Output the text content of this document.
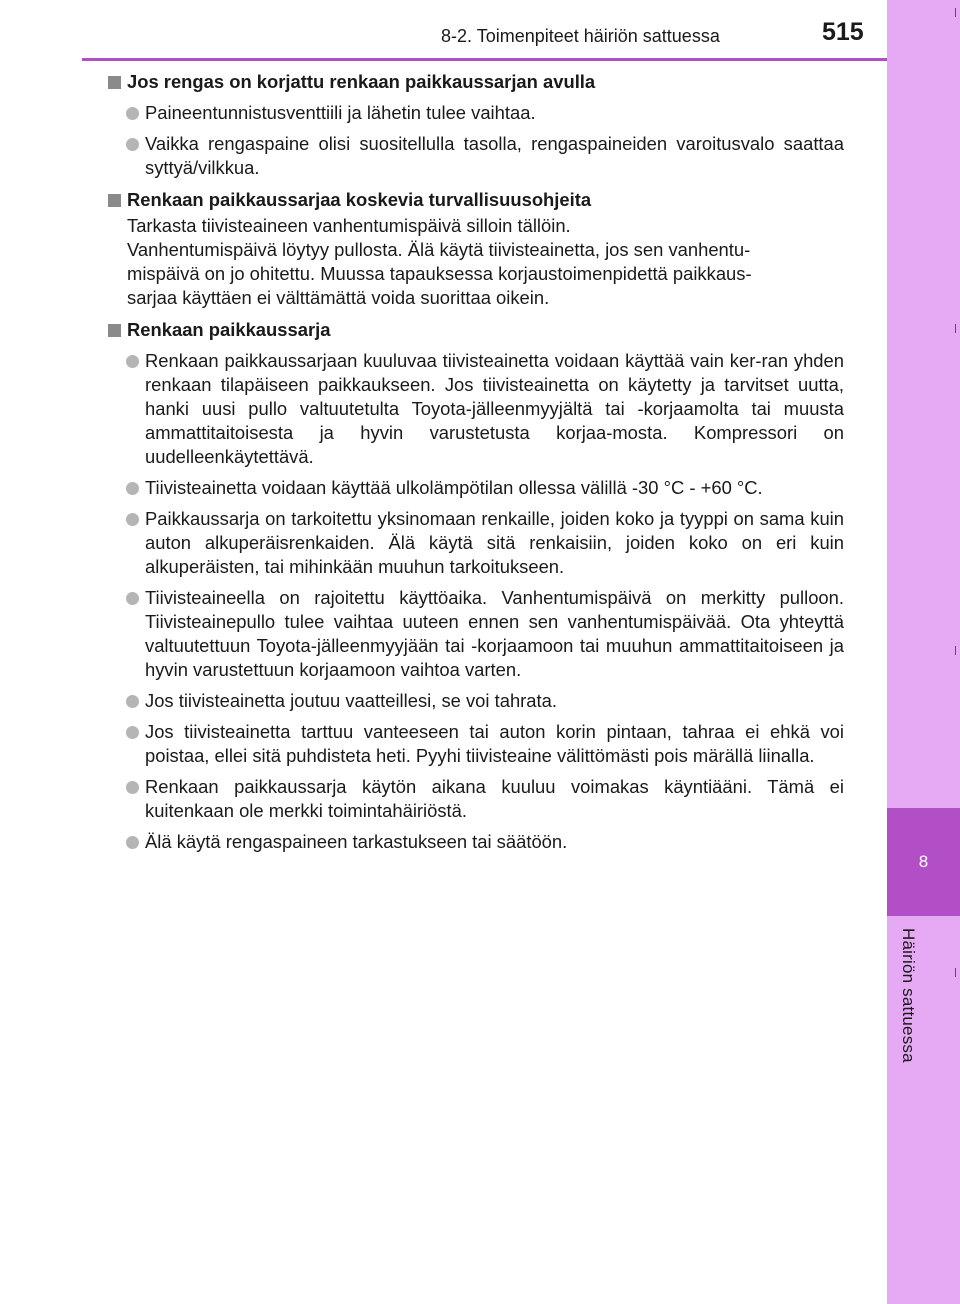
8
Häiriön sattuessa
8-2. Toimenpiteet häiriön sattuessa	515
Jos rengas on korjattu renkaan paikkaussarjan avulla
Paineentunnistusventtiili ja lähetin tulee vaihtaa.
Vaikka rengaspaine olisi suositellulla tasolla, rengaspaineiden varoitusvalo saattaa syttyä/vilkkua.
Renkaan paikkaussarjaa koskevia turvallisuusohjeita
Tarkasta tiivisteaineen vanhentumispäivä silloin tällöin.
Vanhentumispäivä löytyy pullosta. Älä käytä tiivisteainetta, jos sen vanhentu-
mispäivä on jo ohitettu. Muussa tapauksessa korjaustoimenpidettä paikkaus-
sarjaa käyttäen ei välttämättä voida suorittaa oikein.
Renkaan paikkaussarja
Renkaan paikkaussarjaan kuuluvaa tiivisteainetta voidaan käyttää vain ker-ran yhden renkaan tilapäiseen paikkaukseen. Jos tiivisteainetta on käytetty ja tarvitset uutta, hanki uusi pullo valtuutetulta Toyota-jälleenmyyjältä tai -korjaamolta tai muusta ammattitaitoisesta ja hyvin varustetusta korjaa-mosta. Kompressori on uudelleenkäytettävä.
Tiivisteainetta voidaan käyttää ulkolämpötilan ollessa välillä -30 °C - +60 °C.
Paikkaussarja on tarkoitettu yksinomaan renkaille, joiden koko ja tyyppi on sama kuin auton alkuperäisrenkaiden. Älä käytä sitä renkaisiin, joiden koko on eri kuin alkuperäisten, tai mihinkään muuhun tarkoitukseen.
Tiivisteaineella on rajoitettu käyttöaika. Vanhentumispäivä on merkitty pulloon. Tiivisteainepullo tulee vaihtaa uuteen ennen sen vanhentumispäivää. Ota yhteyttä valtuutettuun Toyota-jälleenmyyjään tai -korjaamoon tai muuhun ammattitaitoiseen ja hyvin varustettuun korjaamoon vaihtoa varten.
Jos tiivisteainetta joutuu vaatteillesi, se voi tahrata.
Jos tiivisteainetta tarttuu vanteeseen tai auton korin pintaan, tahraa ei ehkä voi poistaa, ellei sitä puhdisteta heti. Pyyhi tiivisteaine välittömästi pois märällä liinalla.
Renkaan paikkaussarja käytön aikana kuuluu voimakas käyntiääni. Tämä ei kuitenkaan ole merkki toimintahäiriöstä.
Älä käytä rengaspaineen tarkastukseen tai säätöön.
